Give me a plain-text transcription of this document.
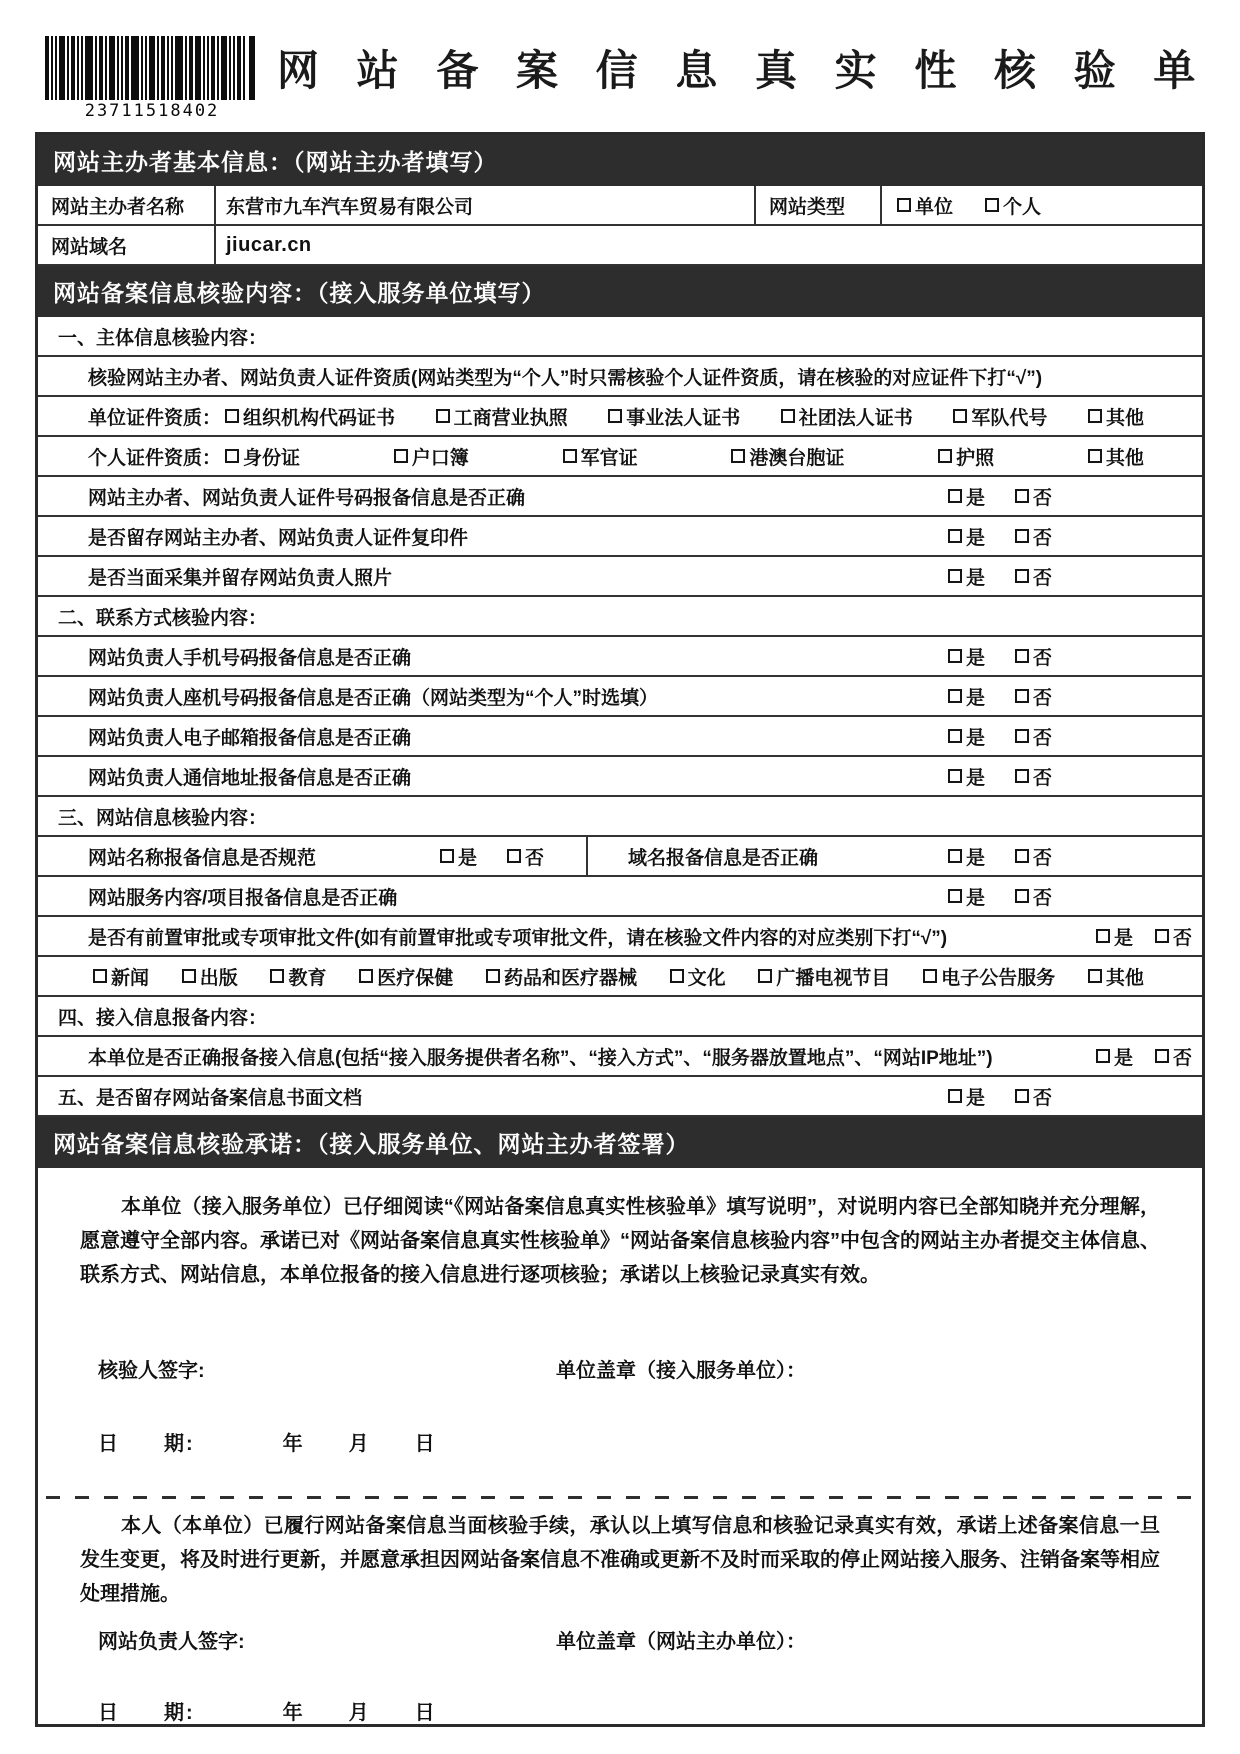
23711518402
网 站 备 案 信 息 真 实 性 核 验 单
网站主办者基本信息：（网站主办者填写）
网站主办者名称	东营市九车汽车贸易有限公司	网站类型	单位	个人
网站域名	jiucar.cn
网站备案信息核验内容：（接入服务单位填写）
一、主体信息核验内容：
核验网站主办者、网站负责人证件资质(网站类型为“个人”时只需核验个人证件资质，请在核验的对应证件下打“√”)
单位证件资质： 组织机构代码证书	工商营业执照	事业法人证书	社团法人证书	军队代号	其他
个人证件资质： 身份证	户口簿	军官证	港澳台胞证	护照	其他
网站主办者、网站负责人证件号码报备信息是否正确	是	否
是否留存网站主办者、网站负责人证件复印件	是	否
是否当面采集并留存网站负责人照片	是	否
二、联系方式核验内容：
网站负责人手机号码报备信息是否正确	是	否
网站负责人座机号码报备信息是否正确（网站类型为“个人”时选填）	是	否
网站负责人电子邮箱报备信息是否正确	是	否
网站负责人通信地址报备信息是否正确	是	否
三、网站信息核验内容：
网站名称报备信息是否规范	是	否	域名报备信息是否正确	是	否
网站服务内容/项目报备信息是否正确	是	否
是否有前置审批或专项审批文件(如有前置审批或专项审批文件，请在核验文件内容的对应类别下打“√”)	是 否
新闻	出版	教育	医疗保健	药品和医疗器械	文化	广播电视节目	电子公告服务	其他
四、接入信息报备内容：
本单位是否正确报备接入信息(包括“接入服务提供者名称”、“接入方式”、“服务器放置地点”、“网站IP地址”)	是 否
五、是否留存网站备案信息书面文档	是	否
网站备案信息核验承诺：（接入服务单位、网站主办者签署）
本单位（接入服务单位）已仔细阅读“《网站备案信息真实性核验单》填写说明”，对说明内容已全部知晓并充分理解，愿意遵守全部内容。承诺已对《网站备案信息真实性核验单》“网站备案信息核验内容”中包含的网站主办者提交主体信息、联系方式、网站信息，本单位报备的接入信息进行逐项核验；承诺以上核验记录真实有效。
核验人签字:	单位盖章（接入服务单位）：
日　　期:　　　　年　　月　　日
本人（本单位）已履行网站备案信息当面核验手续，承认以上填写信息和核验记录真实有效，承诺上述备案信息一旦发生变更，将及时进行更新，并愿意承担因网站备案信息不准确或更新不及时而采取的停止网站接入服务、注销备案等相应处理措施。
网站负责人签字:	单位盖章（网站主办单位）：
日　　期:　　　　年　　月　　日
